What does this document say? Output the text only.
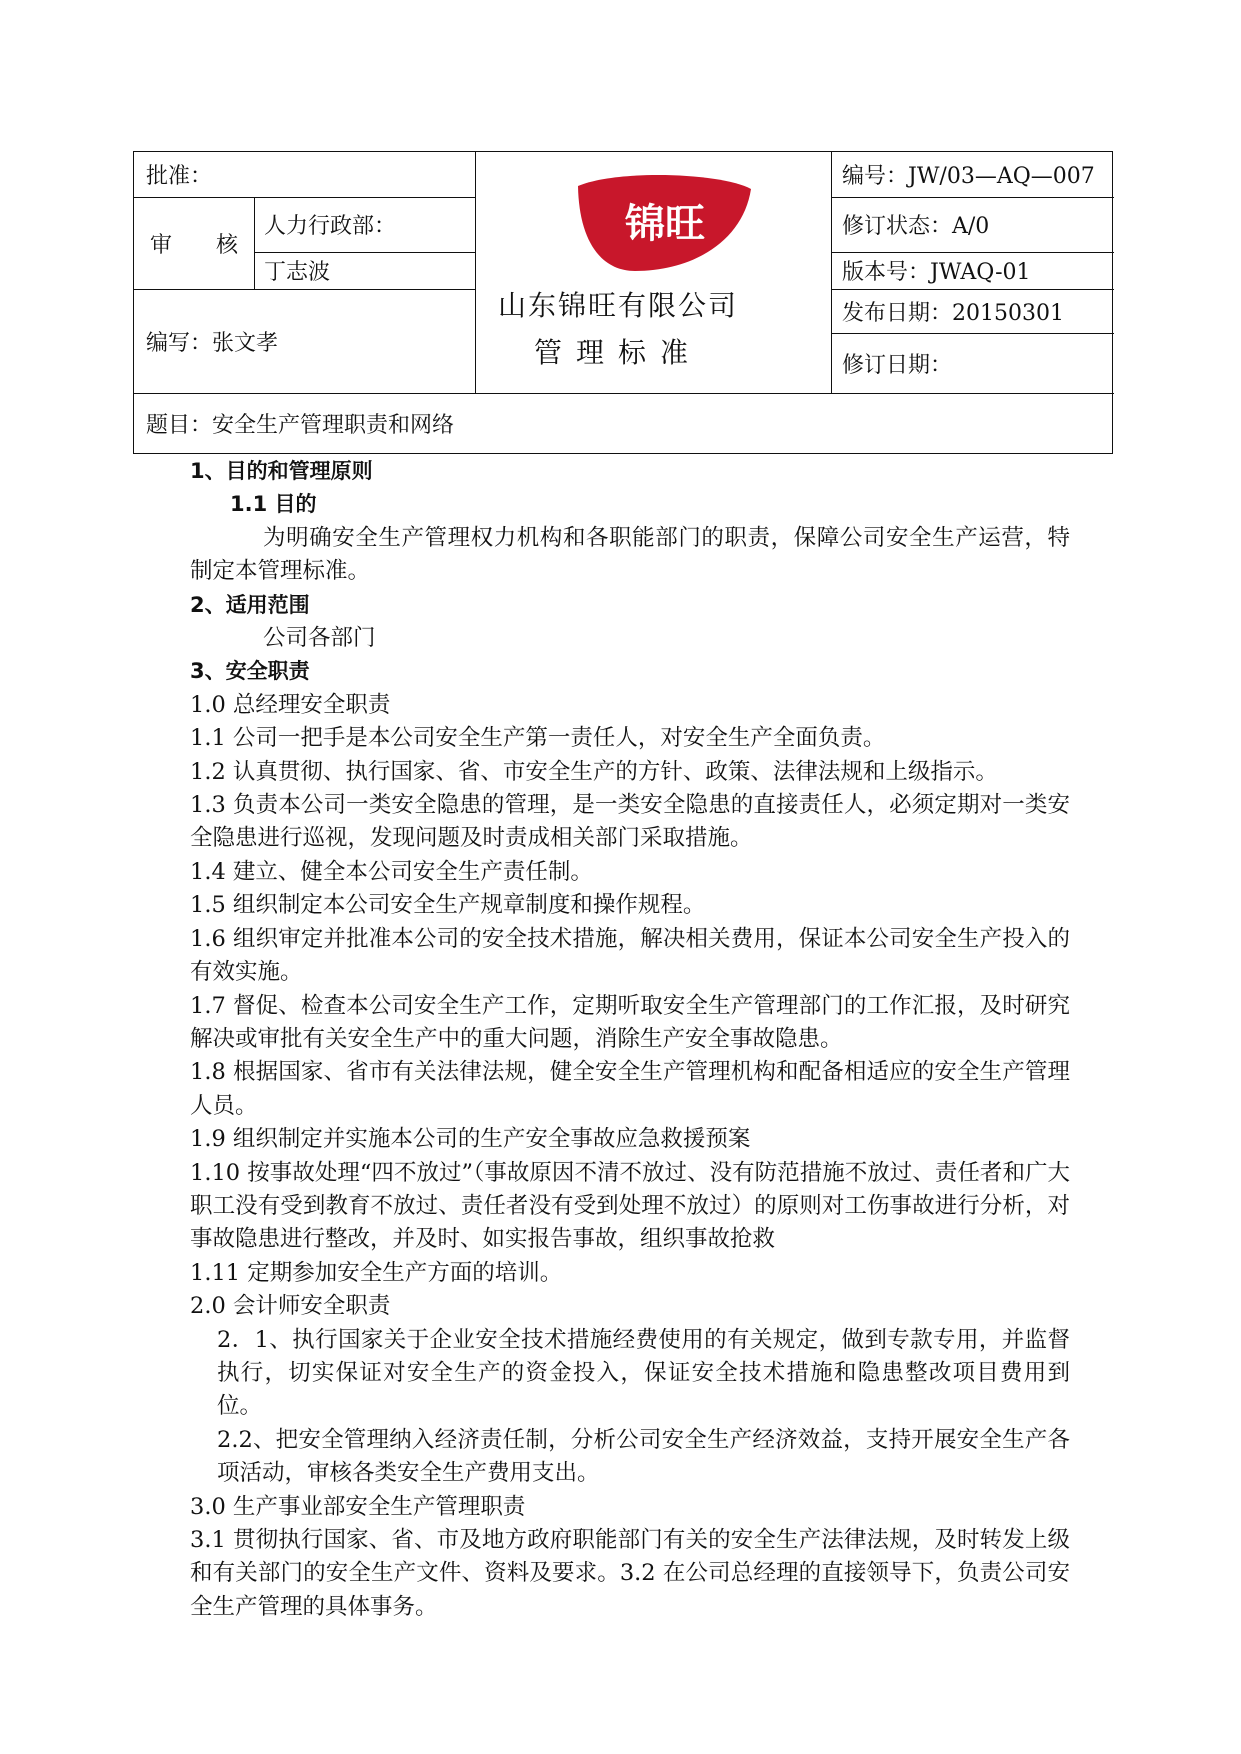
批准：
审　　核
人力行政部：
丁志波
编写：张文孝
编号：JW/03—AQ—007
修订状态：A/0
版本号：JWAQ-01
发布日期：20150301
修订日期：
题目：安全生产管理职责和网络
锦旺
山东锦旺有限公司
管理标准

1、目的和管理原则

1.1 目的

为明确安全生产管理权力机构和各职能部门的职责，保障公司安全生产运营，特制定本管理标准。

2、适用范围

公司各部门

3、安全职责

1.0 总经理安全职责

1.1 公司一把手是本公司安全生产第一责任人，对安全生产全面负责。

1.2 认真贯彻、执行国家、省、市安全生产的方针、政策、法律法规和上级指示。

1.3 负责本公司一类安全隐患的管理，是一类安全隐患的直接责任人，必须定期对一类安全隐患进行巡视，发现问题及时责成相关部门采取措施。

1.4 建立、健全本公司安全生产责任制。

1.5 组织制定本公司安全生产规章制度和操作规程。

1.6 组织审定并批准本公司的安全技术措施，解决相关费用，保证本公司安全生产投入的有效实施。

1.7 督促、检查本公司安全生产工作，定期听取安全生产管理部门的工作汇报，及时研究解决或审批有关安全生产中的重大问题，消除生产安全事故隐患。

1.8 根据国家、省市有关法律法规，健全安全生产管理机构和配备相适应的安全生产管理人员。

1.9 组织制定并实施本公司的生产安全事故应急救援预案

1.10 按事故处理“四不放过”（事故原因不清不放过、没有防范措施不放过、责任者和广大职工没有受到教育不放过、责任者没有受到处理不放过）的原则对工伤事故进行分析，对事故隐患进行整改，并及时、如实报告事故，组织事故抢救

1.11 定期参加安全生产方面的培训。

2.0 会计师安全职责

2．1、执行国家关于企业安全技术措施经费使用的有关规定，做到专款专用，并监督执行，切实保证对安全生产的资金投入，保证安全技术措施和隐患整改项目费用到位。

2.2、把安全管理纳入经济责任制，分析公司安全生产经济效益，支持开展安全生产各项活动，审核各类安全生产费用支出。

3.0 生产事业部安全生产管理职责

3.1 贯彻执行国家、省、市及地方政府职能部门有关的安全生产法律法规，及时转发上级和有关部门的安全生产文件、资料及要求。3.2 在公司总经理的直接领导下，负责公司安全生产管理的具体事务。
